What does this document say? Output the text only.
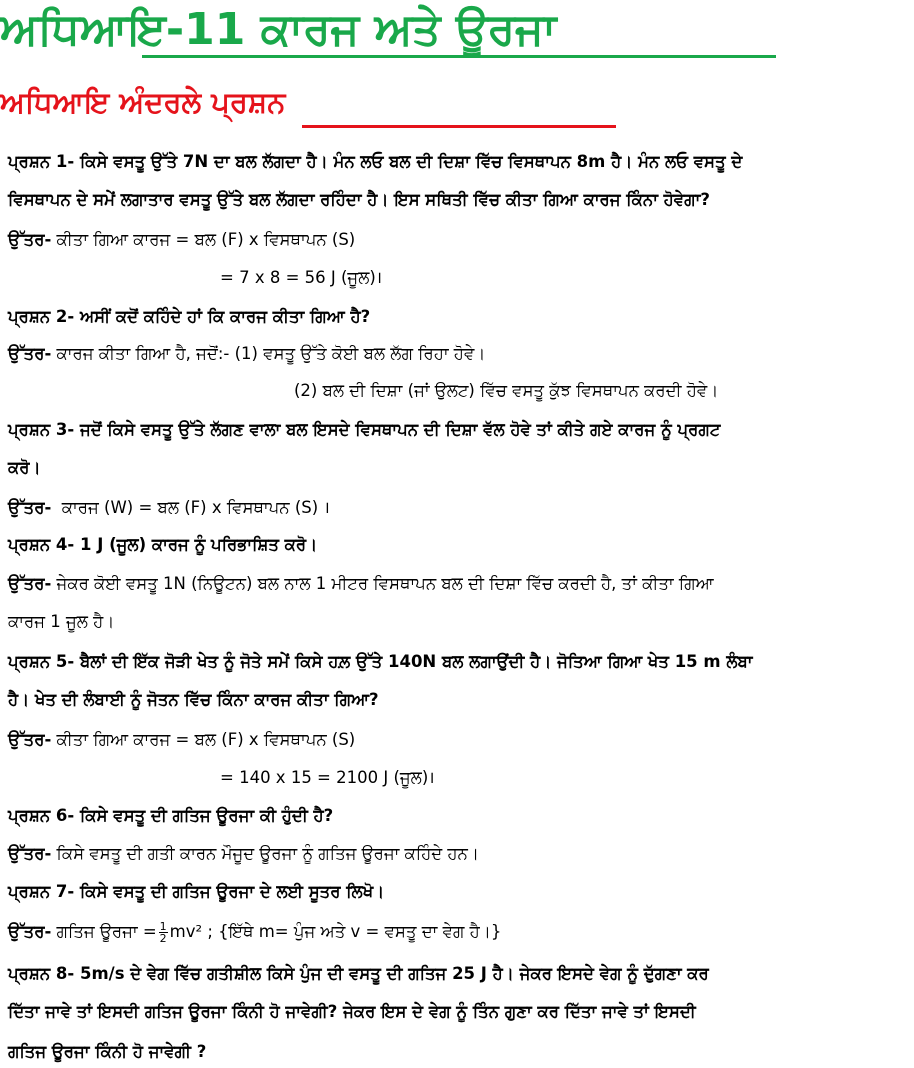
ਅਧਿਆਇ-11 ਕਾਰਜ ਅਤੇ ਊਰਜਾ
ਅਧਿਆਇ ਅੰਦਰਲੇ ਪ੍ਰਸ਼ਨ
ਪ੍ਰਸ਼ਨ 1- ਕਿਸੇ ਵਸਤੂ ਉੱਤੇ 7N ਦਾ ਬਲ ਲੱਗਦਾ ਹੈ। ਮੰਨ ਲਓ ਬਲ ਦੀ ਦਿਸ਼ਾ ਵਿੱਚ ਵਿਸਥਾਪਨ 8m ਹੈ। ਮੰਨ ਲਓ ਵਸਤੂ ਦੇ
ਵਿਸਥਾਪਨ ਦੇ ਸਮੇਂ ਲਗਾਤਾਰ ਵਸਤੂ ਉੱਤੇ ਬਲ ਲੱਗਦਾ ਰਹਿੰਦਾ ਹੈ। ਇਸ ਸਥਿਤੀ ਵਿੱਚ ਕੀਤਾ ਗਿਆ ਕਾਰਜ ਕਿੰਨਾ ਹੋਵੇਗਾ?
ਉੱਤਰ- ਕੀਤਾ ਗਿਆ ਕਾਰਜ = ਬਲ (F) x ਵਿਸਥਾਪਨ (S)
= 7 x 8 = 56 J (ਜੂਲ)।
ਪ੍ਰਸ਼ਨ 2- ਅਸੀਂ ਕਦੋਂ ਕਹਿੰਦੇ ਹਾਂ ਕਿ ਕਾਰਜ ਕੀਤਾ ਗਿਆ ਹੈ?
ਉੱਤਰ- ਕਾਰਜ ਕੀਤਾ ਗਿਆ ਹੈ, ਜਦੋਂ:- (1) ਵਸਤੂ ਉੱਤੇ ਕੋਈ ਬਲ ਲੱਗ ਰਿਹਾ ਹੋਵੇ।
(2) ਬਲ ਦੀ ਦਿਸ਼ਾ (ਜਾਂ ਉਲਟ) ਵਿੱਚ ਵਸਤੂ ਕੁੱਝ ਵਿਸਥਾਪਨ ਕਰਦੀ ਹੋਵੇ।
ਪ੍ਰਸ਼ਨ 3- ਜਦੋਂ ਕਿਸੇ ਵਸਤੂ ਉੱਤੇ ਲੱਗਣ ਵਾਲਾ ਬਲ ਇਸਦੇ ਵਿਸਥਾਪਨ ਦੀ ਦਿਸ਼ਾ ਵੱਲ ਹੋਵੇ ਤਾਂ ਕੀਤੇ ਗਏ ਕਾਰਜ ਨੂੰ ਪ੍ਰਗਟ
ਕਰੋ।
ਉੱਤਰ- ਕਾਰਜ (W) = ਬਲ (F) x ਵਿਸਥਾਪਨ (S) ।
ਪ੍ਰਸ਼ਨ 4- 1 J (ਜੂਲ) ਕਾਰਜ ਨੂੰ ਪਰਿਭਾਸ਼ਿਤ ਕਰੋ।
ਉੱਤਰ- ਜੇਕਰ ਕੋਈ ਵਸਤੂ 1N (ਨਿਊਟਨ) ਬਲ ਨਾਲ 1 ਮੀਟਰ ਵਿਸਥਾਪਨ ਬਲ ਦੀ ਦਿਸ਼ਾ ਵਿੱਚ ਕਰਦੀ ਹੈ, ਤਾਂ ਕੀਤਾ ਗਿਆ
ਕਾਰਜ 1 ਜੂਲ ਹੈ।
ਪ੍ਰਸ਼ਨ 5- ਬੈਲਾਂ ਦੀ ਇੱਕ ਜੋੜੀ ਖੇਤ ਨੂੰ ਜੋਤੇ ਸਮੇਂ ਕਿਸੇ ਹਲ਼ ਉੱਤੇ 140N ਬਲ ਲਗਾਉਂਦੀ ਹੈ। ਜੋਤਿਆ ਗਿਆ ਖੇਤ 15 m ਲੰਬਾ
ਹੈ। ਖੇਤ ਦੀ ਲੰਬਾਈ ਨੂੰ ਜੋਤਨ ਵਿੱਚ ਕਿੰਨਾ ਕਾਰਜ ਕੀਤਾ ਗਿਆ?
ਉੱਤਰ- ਕੀਤਾ ਗਿਆ ਕਾਰਜ = ਬਲ (F) x ਵਿਸਥਾਪਨ (S)
= 140 x 15 = 2100 J (ਜੂਲ)।
ਪ੍ਰਸ਼ਨ 6- ਕਿਸੇ ਵਸਤੂ ਦੀ ਗਤਿਜ ਊਰਜਾ ਕੀ ਹੁੰਦੀ ਹੈ?
ਉੱਤਰ- ਕਿਸੇ ਵਸਤੂ ਦੀ ਗਤੀ ਕਾਰਨ ਮੌਜੂਦ ਊਰਜਾ ਨੂੰ ਗਤਿਜ ਊਰਜਾ ਕਹਿੰਦੇ ਹਨ।
ਪ੍ਰਸ਼ਨ 7- ਕਿਸੇ ਵਸਤੂ ਦੀ ਗਤਿਜ ਊਰਜਾ ਦੇ ਲਈ ਸੂਤਰ ਲਿਖੋ।
ਉੱਤਰ- ਗਤਿਜ ਊਰਜਾ = $\frac{1}{2} mv^2$ ; {ਇੱਥੇ m= ਪੁੰਜ ਅਤੇ v = ਵਸਤੂ ਦਾ ਵੇਗ ਹੈ।}
ਪ੍ਰਸ਼ਨ 8- 5m/s ਦੇ ਵੇਗ ਵਿੱਚ ਗਤੀਸ਼ੀਲ ਕਿਸੇ ਪੁੰਜ ਦੀ ਵਸਤੂ ਦੀ ਗਤਿਜ 25 J ਹੈ। ਜੇਕਰ ਇਸਦੇ ਵੇਗ ਨੂੰ ਦੁੱਗਣਾ ਕਰ
ਦਿੱਤਾ ਜਾਵੇ ਤਾਂ ਇਸਦੀ ਗਤਿਜ ਊਰਜਾ ਕਿੰਨੀ ਹੋ ਜਾਵੇਗੀ? ਜੇਕਰ ਇਸ ਦੇ ਵੇਗ ਨੂੰ ਤਿੰਨ ਗੁਣਾ ਕਰ ਦਿੱਤਾ ਜਾਵੇ ਤਾਂ ਇਸਦੀ
ਗਤਿਜ ਊਰਜਾ ਕਿੰਨੀ ਹੋ ਜਾਵੇਗੀ ?
